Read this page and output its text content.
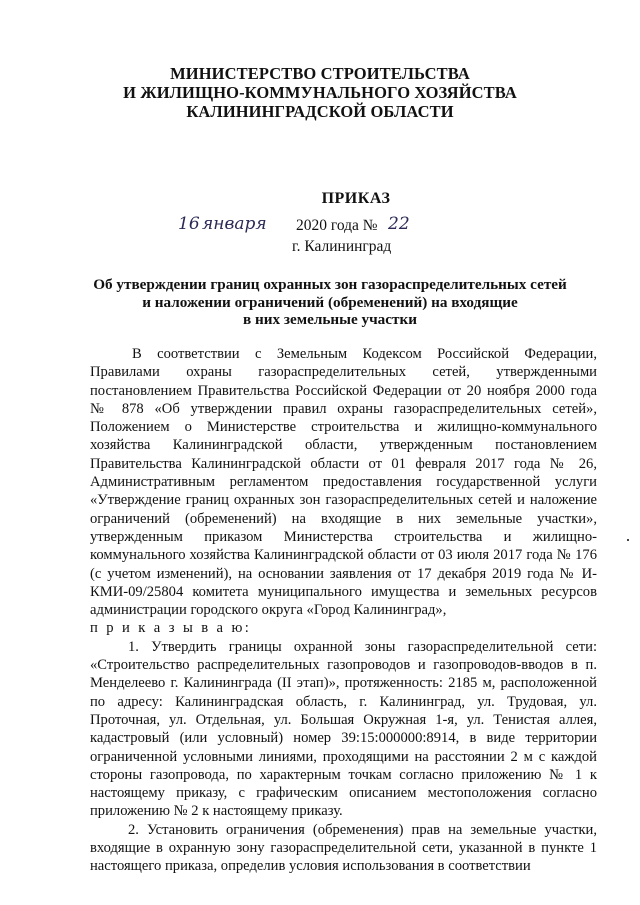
МИНИСТЕРСТВО СТРОИТЕЛЬСТВА
И ЖИЛИЩНО-КОММУНАЛЬНОГО ХОЗЯЙСТВА
КАЛИНИНГРАДСКОЙ ОБЛАСТИ
ПРИКАЗ
16 января 2020 года № 22
г. Калининград
Об утверждении границ охранных зон газораспределительных сетей
и наложении ограничений (обременений) на входящие
в них земельные участки

В соответствии с Земельным Кодексом Российской Федерации, Правилами охраны газораспределительных сетей, утвержденными постановлением Правительства Российской Федерации от 20 ноября 2000 года № 878 «Об утверждении правил охраны газораспределительных сетей», Положением о Министерстве строительства и жилищно-коммунального хозяйства Калининградской области, утвержденным постановлением Правительства Калининградской области от 01 февраля 2017 года № 26, Административным регламентом предоставления государственной услуги «Утверждение границ охранных зон газораспределительных сетей и наложение ограничений (обременений) на входящие в них земельные участки», утвержденным приказом Министерства строительства и жилищно-коммунального хозяйства Калининградской области от 03 июля 2017 года № 176 (с учетом изменений), на основании заявления от 17 декабря 2019 года № И-КМИ-09/25804 комитета муниципального имущества и земельных ресурсов администрации городского округа «Город Калининград»,
п р и к а з ы в а ю:

1. Утвердить границы охранной зоны газораспределительной сети: «Строительство распределительных газопроводов и газопроводов-вводов в п. Менделеево г. Калининграда (II этап)», протяженность: 2185 м, расположенной по адресу: Калининградская область, г. Калининград, ул. Трудовая, ул. Проточная, ул. Отдельная, ул. Большая Окружная 1-я, ул. Тенистая аллея, кадастровый (или условный) номер 39:15:000000:8914, в виде территории ограниченной условными линиями, проходящими на расстоянии 2 м с каждой стороны газопровода, по характерным точкам согласно приложению № 1 к настоящему приказу, с графическим описанием местоположения согласно приложению № 2 к настоящему приказу.

2. Установить ограничения (обременения) прав на земельные участки, входящие в охранную зону газораспределительной сети, указанной в пункте 1 настоящего приказа, определив условия использования в соответствии
